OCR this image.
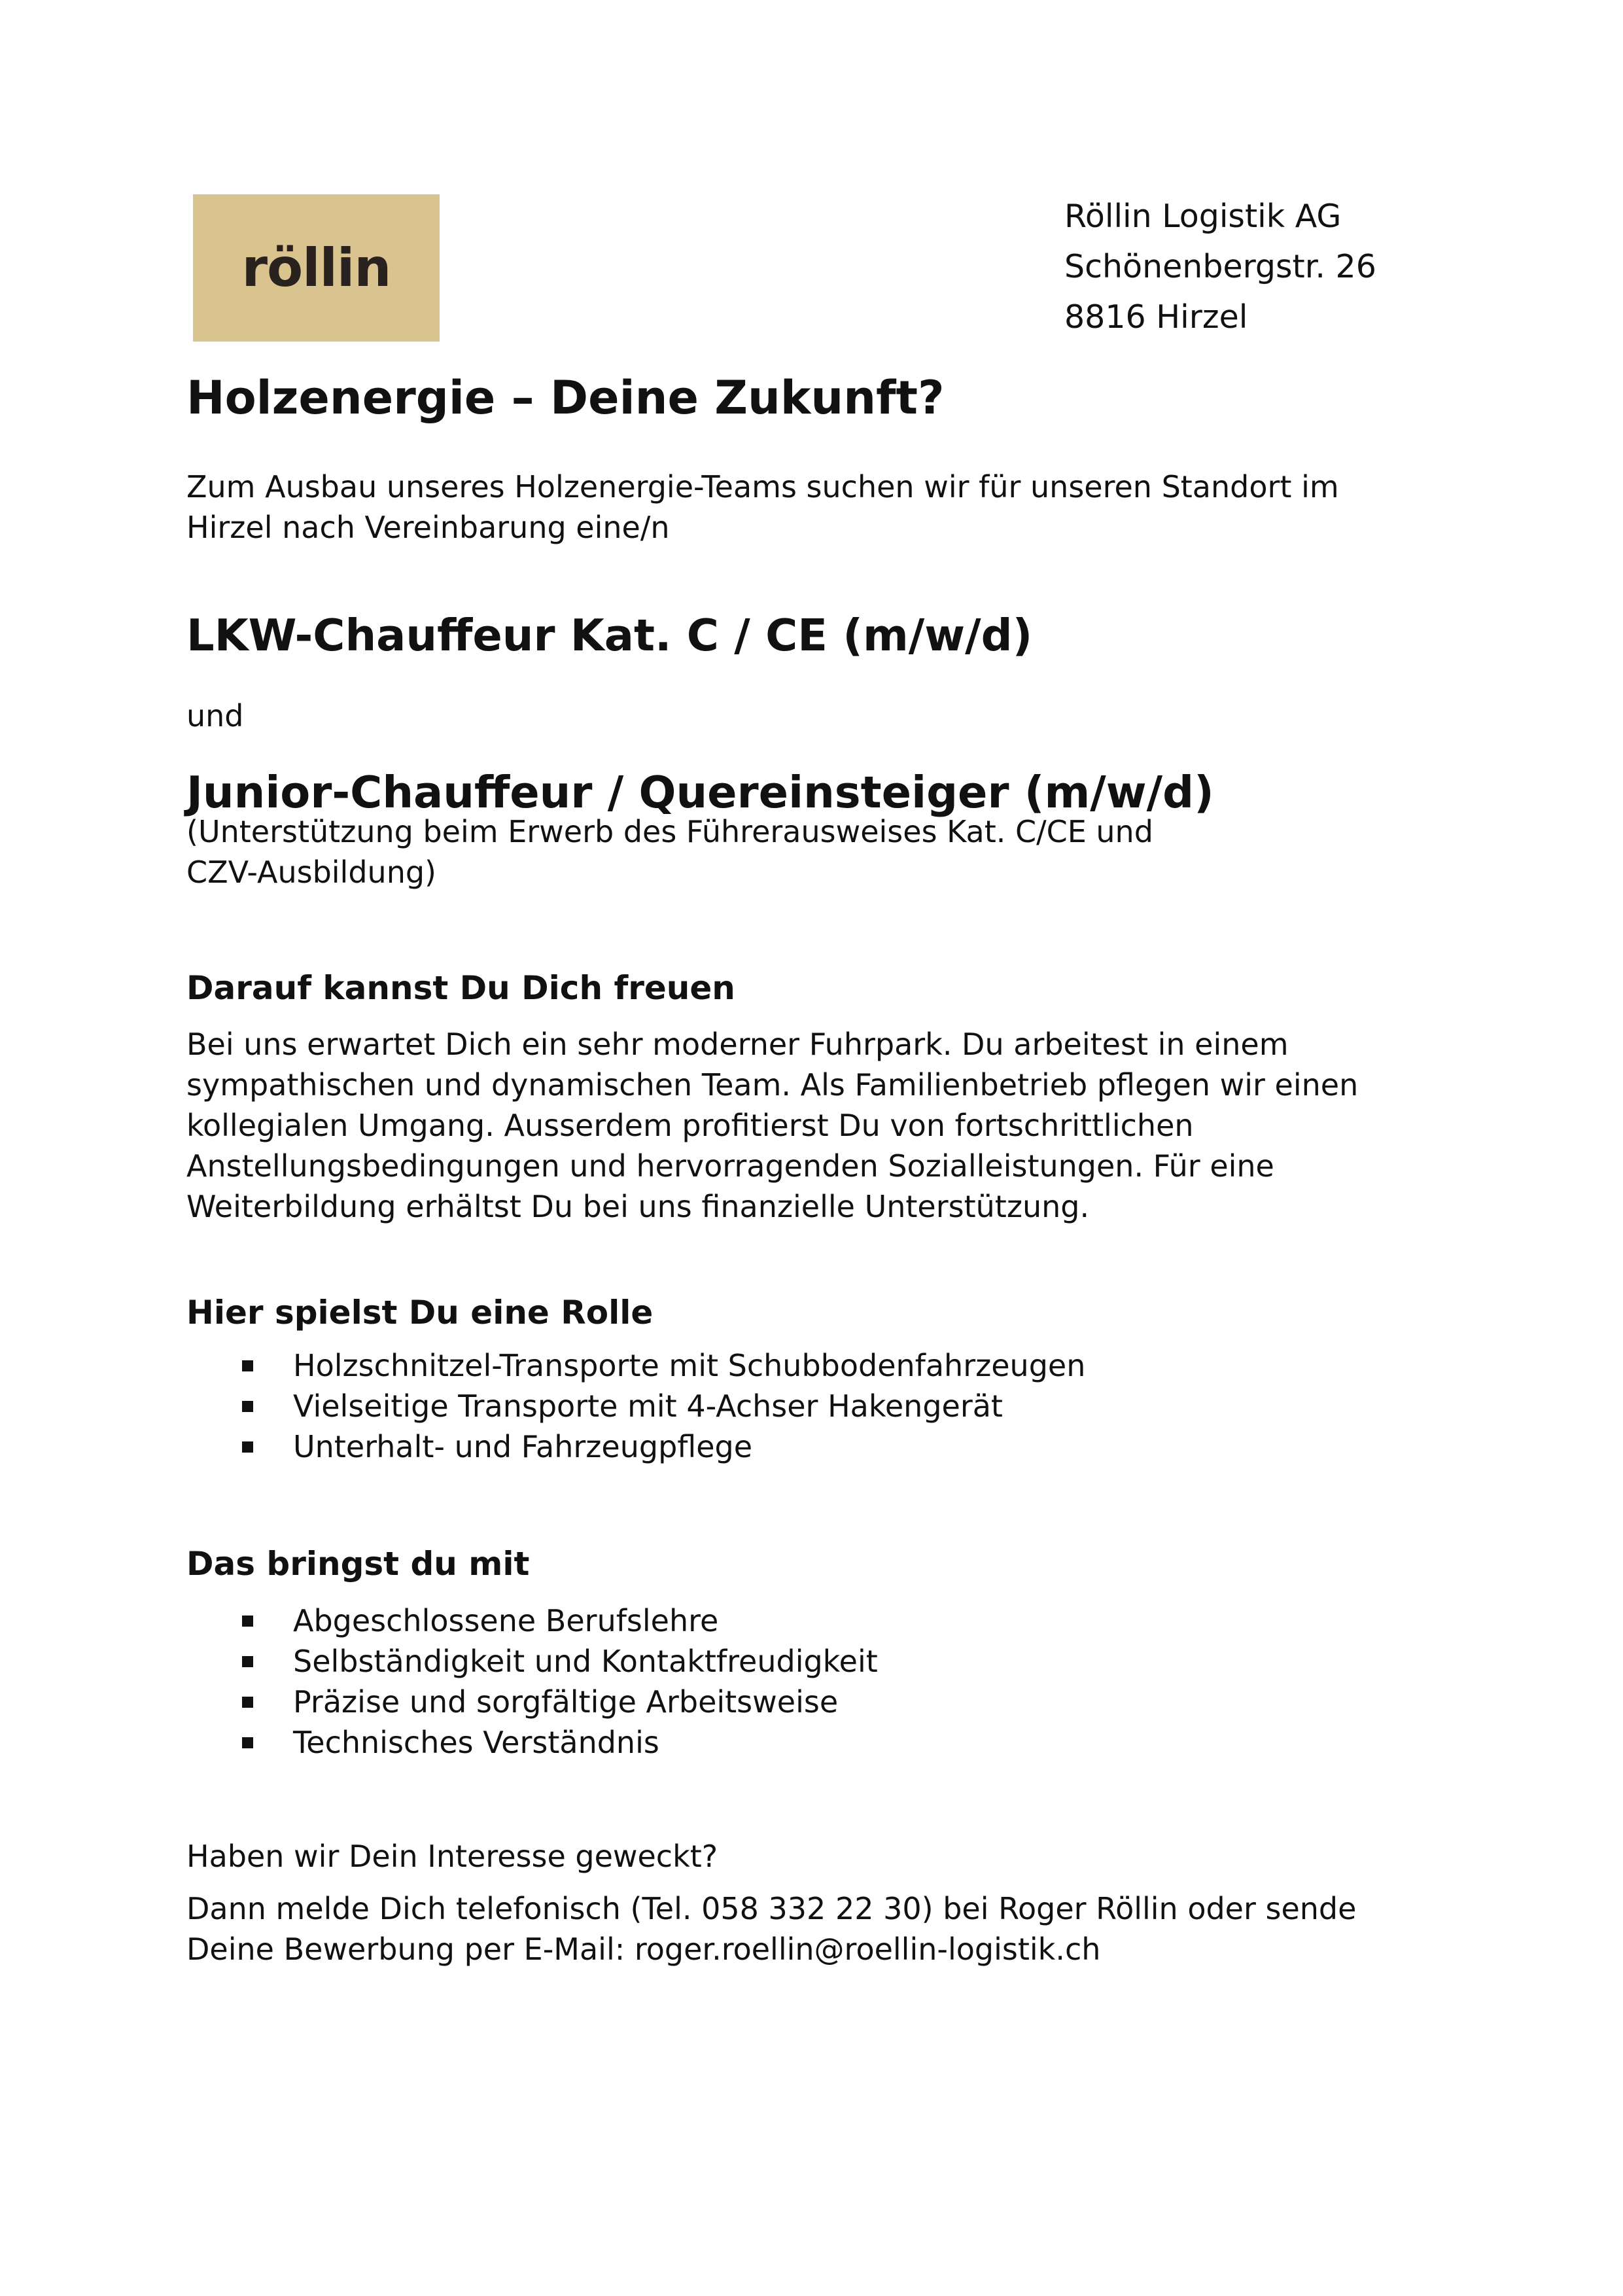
röllin
Röllin Logistik AG
Schönenbergstr. 26
8816 Hirzel
Holzenergie – Deine Zukunft?
Zum Ausbau unseres Holzenergie-Teams suchen wir für unseren Standort im
Hirzel nach Vereinbarung eine/n
LKW-Chauffeur Kat. C / CE (m/w/d)
und
Junior-Chauffeur / Quereinsteiger (m/w/d)
(Unterstützung beim Erwerb des Führerausweises Kat. C/CE und
CZV-Ausbildung)
Darauf kannst Du Dich freuen
Bei uns erwartet Dich ein sehr moderner Fuhrpark. Du arbeitest in einem
sympathischen und dynamischen Team. Als Familienbetrieb pflegen wir einen
kollegialen Umgang. Ausserdem profitierst Du von fortschrittlichen
Anstellungsbedingungen und hervorragenden Sozialleistungen. Für eine
Weiterbildung erhältst Du bei uns finanzielle Unterstützung.
Hier spielst Du eine Rolle
Holzschnitzel-Transporte mit Schubbodenfahrzeugen
Vielseitige Transporte mit 4-Achser Hakengerät
Unterhalt- und Fahrzeugpflege
Das bringst du mit
Abgeschlossene Berufslehre
Selbständigkeit und Kontaktfreudigkeit
Präzise und sorgfältige Arbeitsweise
Technisches Verständnis
Haben wir Dein Interesse geweckt?
Dann melde Dich telefonisch (Tel. 058 332 22 30) bei Roger Röllin oder sende
Deine Bewerbung per E-Mail: roger.roellin@roellin-logistik.ch
